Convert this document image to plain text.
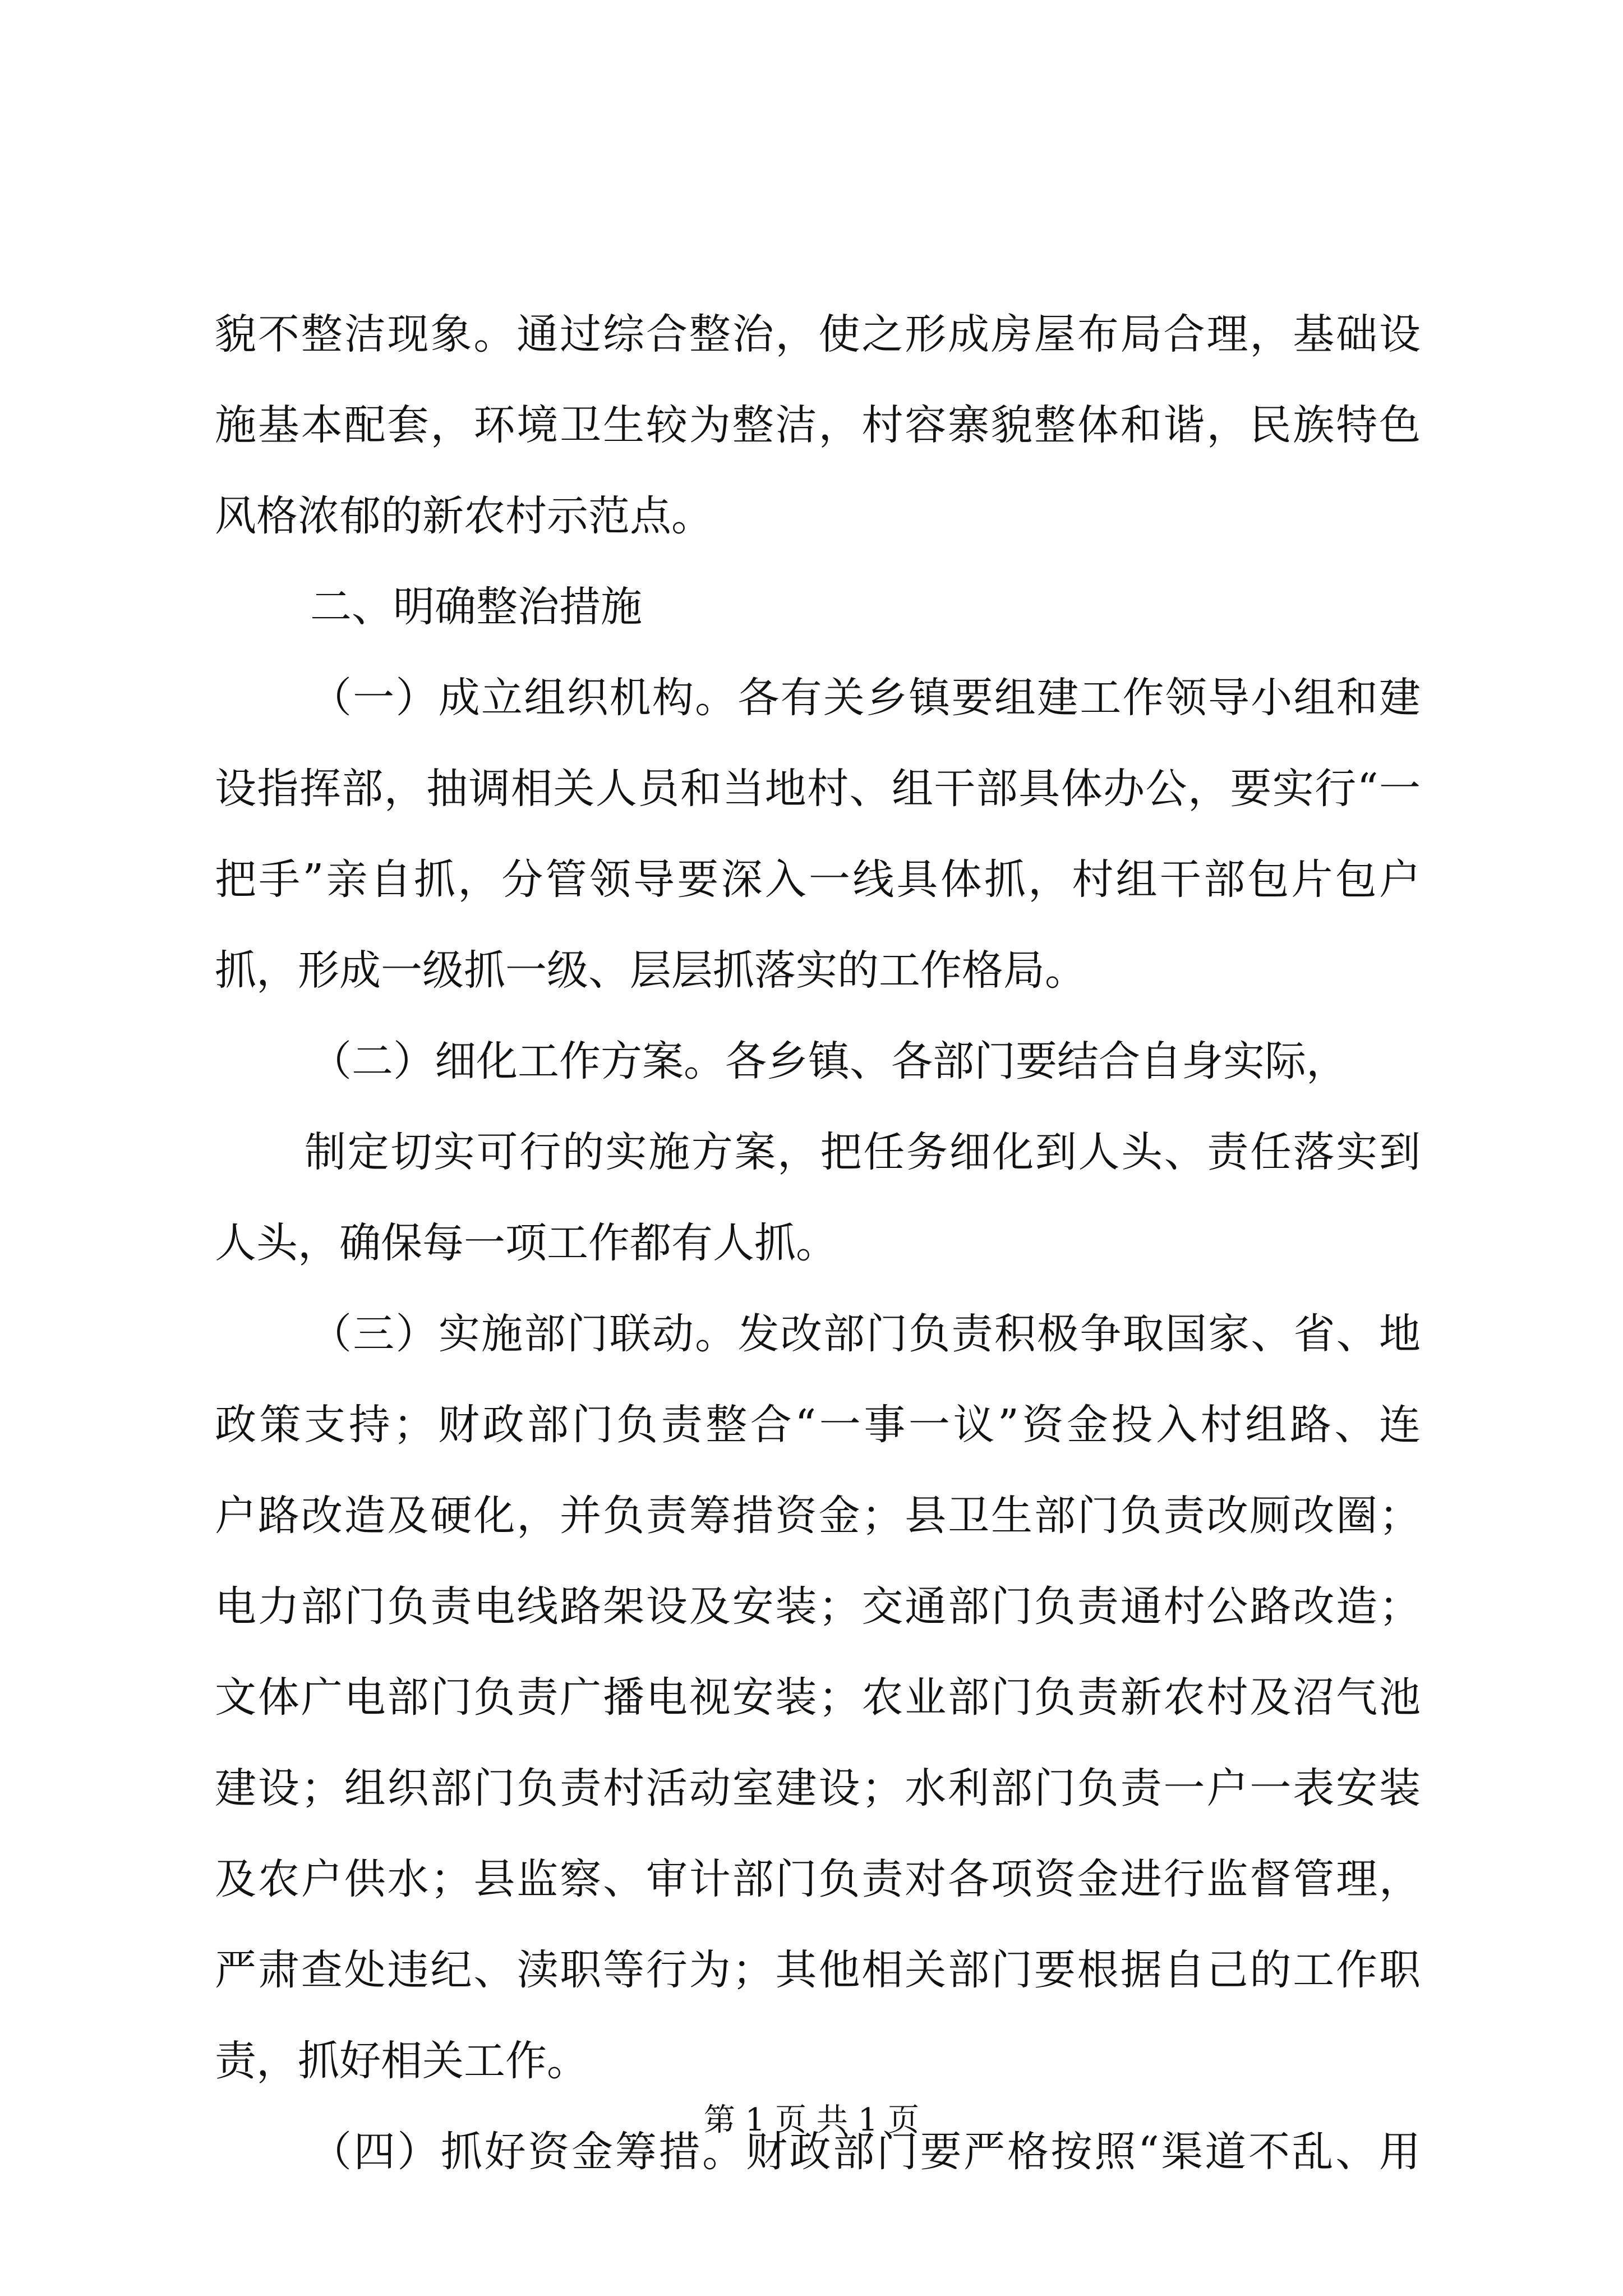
貌不整洁现象。通过综合整治，使之形成房屋布局合理，基础设
施基本配套，环境卫生较为整洁，村容寨貌整体和谐，民族特色
风格浓郁的新农村示范点。
二、明确整治措施
（一）成立组织机构。各有关乡镇要组建工作领导小组和建
设指挥部，抽调相关人员和当地村、组干部具体办公，要实行“一
把手”亲自抓，分管领导要深入一线具体抓，村组干部包片包户
抓，形成一级抓一级、层层抓落实的工作格局。
（二）细化工作方案。各乡镇、各部门要结合自身实际，
制定切实可行的实施方案，把任务细化到人头、责任落实到
人头，确保每一项工作都有人抓。
（三）实施部门联动。发改部门负责积极争取国家、省、地
政策支持；财政部门负责整合“一事一议”资金投入村组路、连
户路改造及硬化，并负责筹措资金；县卫生部门负责改厕改圈；
电力部门负责电线路架设及安装；交通部门负责通村公路改造；
文体广电部门负责广播电视安装；农业部门负责新农村及沼气池
建设；组织部门负责村活动室建设；水利部门负责一户一表安装
及农户供水；县监察、审计部门负责对各项资金进行监督管理，
严肃查处违纪、渎职等行为；其他相关部门要根据自己的工作职
责，抓好相关工作。
（四）抓好资金筹措。财政部门要严格按照“渠道不乱、用
第 1 页 共 1 页
